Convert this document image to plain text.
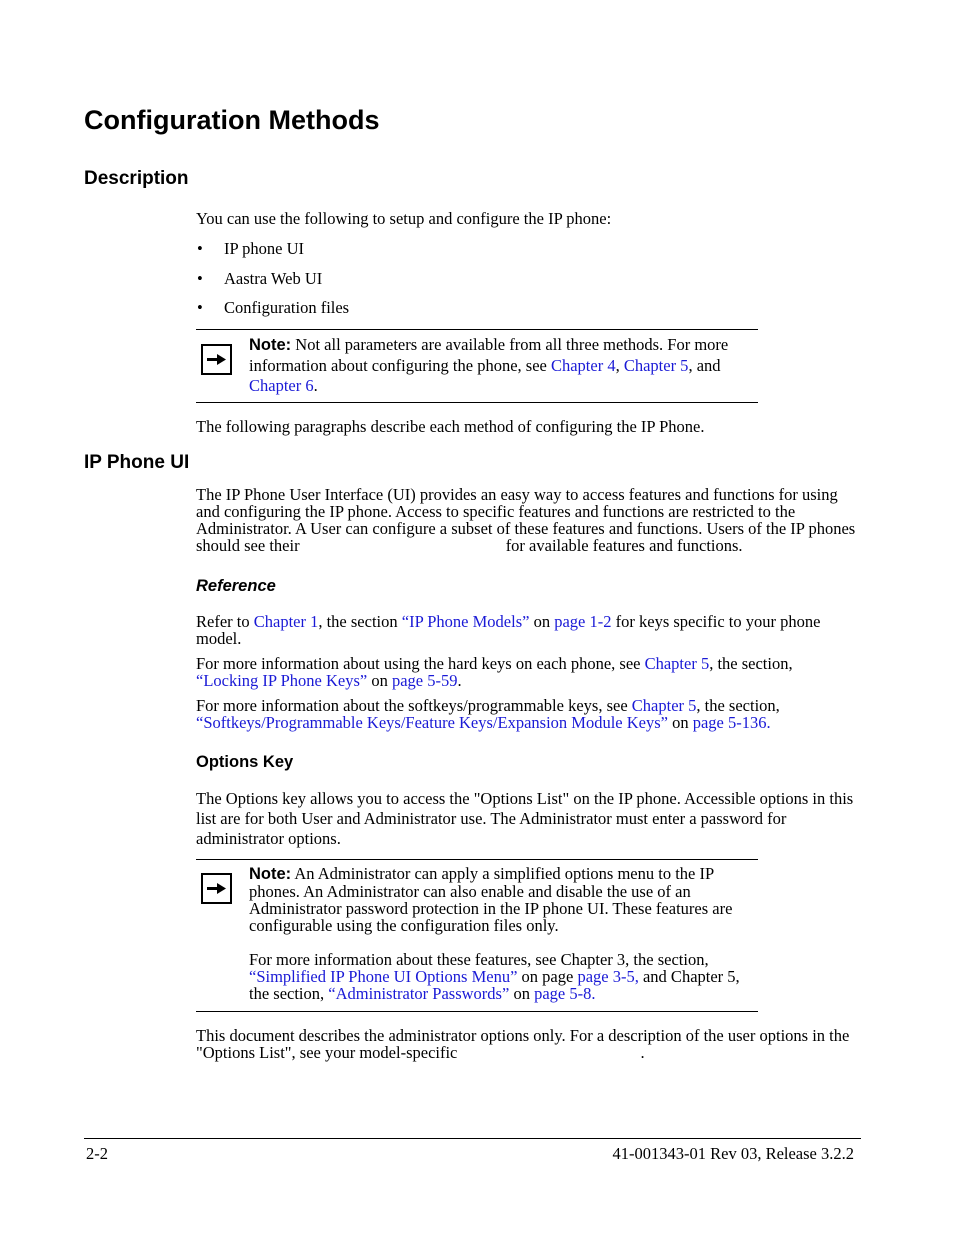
Configuration Methods
Description
You can use the following to setup and configure the IP phone:
• IP phone UI
• Aastra Web UI
• Configuration files
Note: Not all parameters are available from all three methods. For more information about configuring the phone, see Chapter 4, Chapter 5, and Chapter 6.
The following paragraphs describe each method of configuring the IP Phone.
IP Phone UI
The IP Phone User Interface (UI) provides an easy way to access features and functions for using and configuring the IP phone. Access to specific features and functions are restricted to the Administrator. A User can configure a subset of these features and functions. Users of the IP phones should see their	for available features and functions.
Reference
Refer to Chapter 1, the section “IP Phone Models” on page 1-2 for keys specific to your phone model.
For more information about using the hard keys on each phone, see Chapter 5, the section, “Locking IP Phone Keys” on page 5-59.
For more information about the softkeys/programmable keys, see Chapter 5, the section, “Softkeys/Programmable Keys/Feature Keys/Expansion Module Keys” on page 5-136.
Options Key
The Options key allows you to access the "Options List" on the IP phone. Accessible options in this list are for both User and Administrator use. The Administrator must enter a password for administrator options.
Note: An Administrator can apply a simplified options menu to the IP phones. An Administrator can also enable and disable the use of an Administrator password protection in the IP phone UI. These features are configurable using the configuration files only.
For more information about these features, see Chapter 3, the section, “Simplified IP Phone UI Options Menu” on page page 3-5, and Chapter 5, the section, “Administrator Passwords” on page 5-8.
This document describes the administrator options only. For a description of the user options in the "Options List", see your model-specific	.
2-2	41-001343-01 Rev 03, Release 3.2.2
